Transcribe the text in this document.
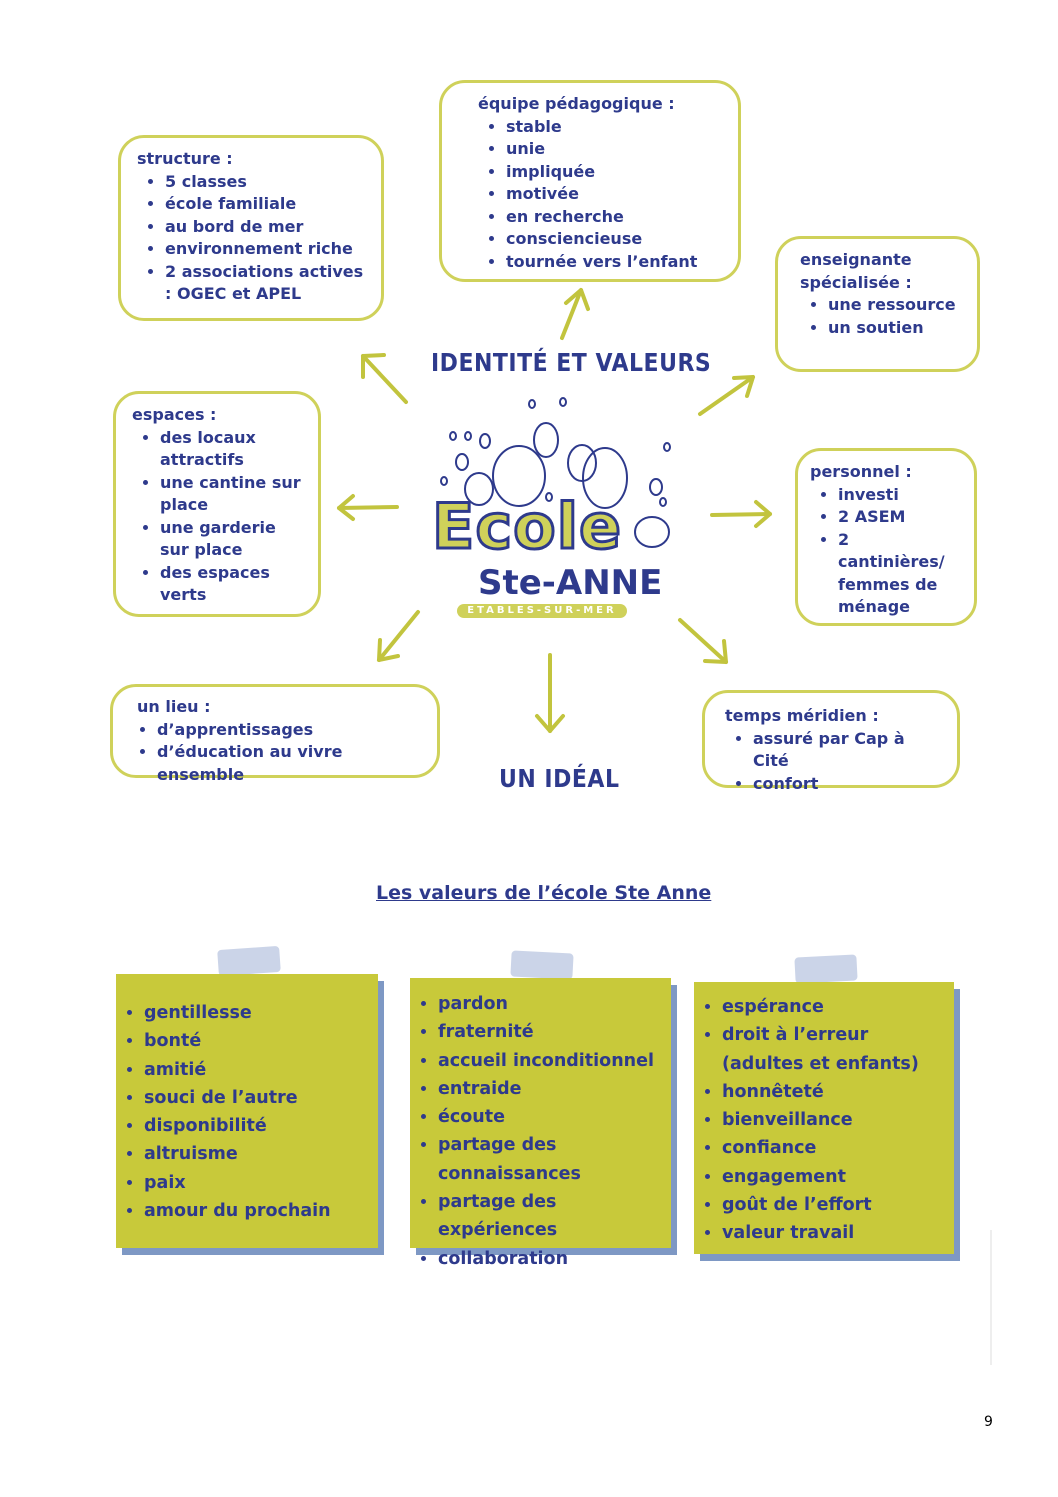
structure :
• 5 classes
• école familiale
• au bord de mer
• environnement riche
• 2 associations actives : OGEC et APEL
équipe pédagogique :
• stable
• unie
• impliquée
• motivée
• en recherche
• consciencieuse
• tournée vers l’enfant	enseignante spécialisée :
• une ressource
• un soutien
espaces :
• des locaux attractifs
• une cantine sur place
• une garderie sur place
• des espaces verts
personnel :
• investi
• 2 ASEM
• 2 cantinières/ femmes de ménage
un lieu :
• d’apprentissages
• d’éducation au vivre ensemble
temps méridien :
• assuré par Cap à Cité
• confort
IDENTITÉ ET VALEURS
UN IDÉAL
Ecole
Ste-ANNE
ETABLES-SUR-MER
Les valeurs de l’école Ste Anne
• gentillesse
• bonté
• amitié
• souci de l’autre
• disponibilité
• altruisme
• paix
• amour du prochain
• pardon
• fraternité
• accueil inconditionnel
• entraide
• écoute
• partage des connaissances
• partage des expériences
• collaboration
• espérance
• droit à l’erreur (adultes et enfants)
• honnêteté
• bienveillance
• confiance
• engagement
• goût de l’effort
• valeur travail
9
